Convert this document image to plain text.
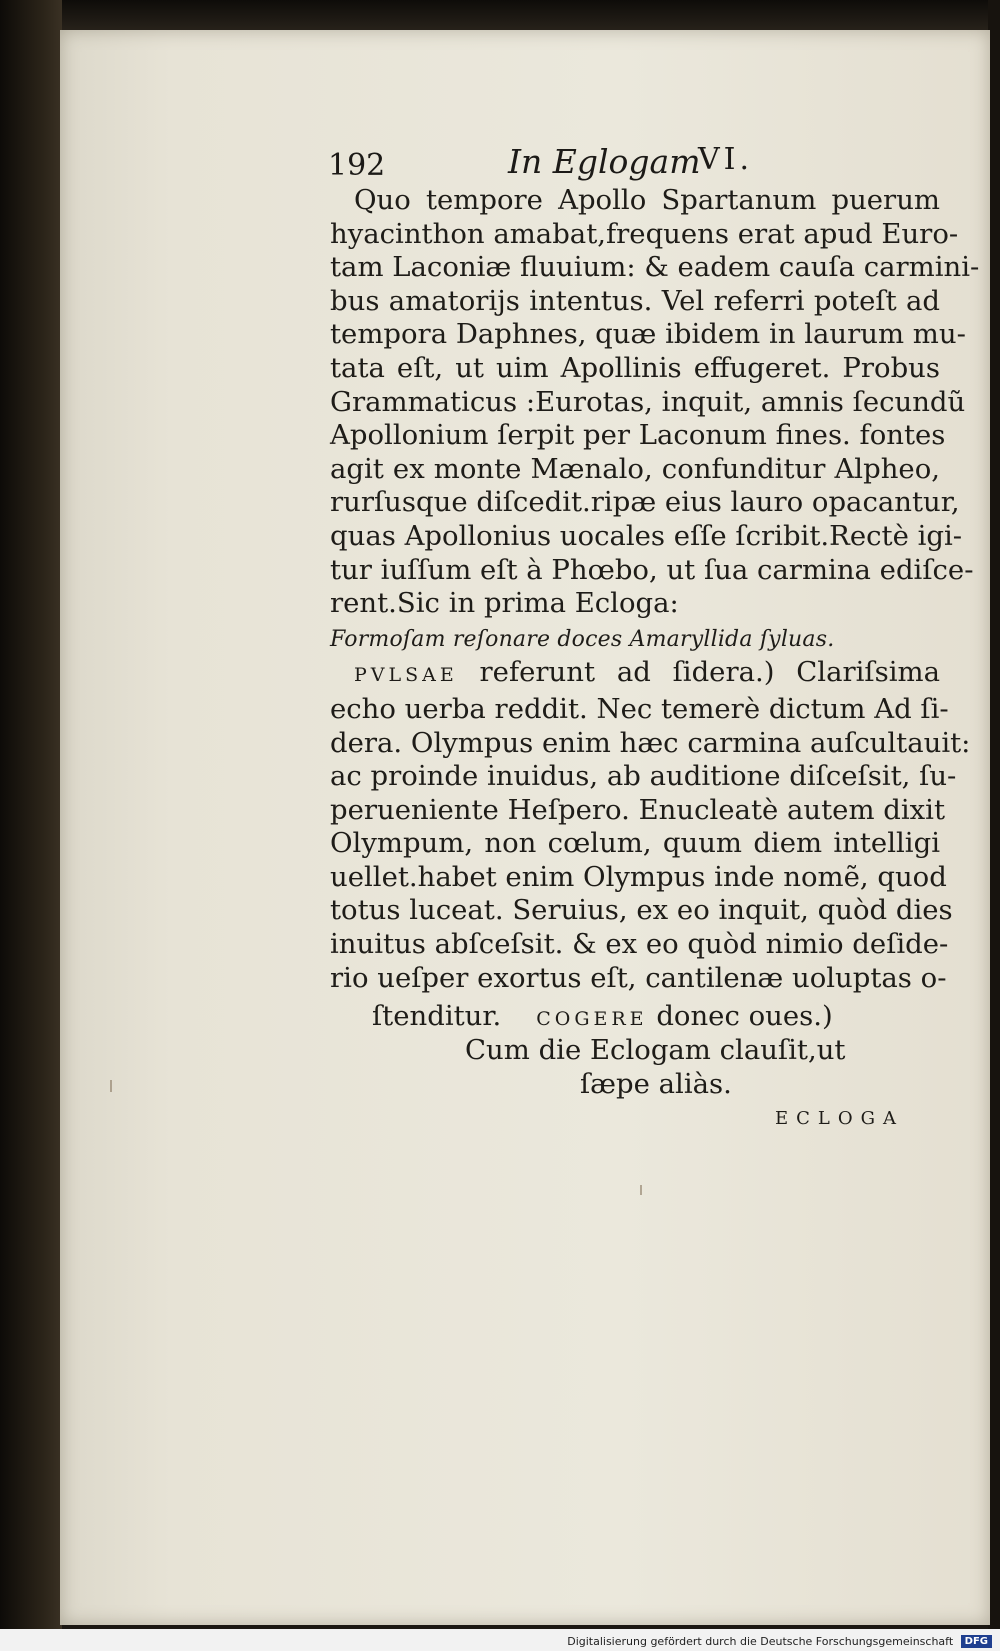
192	In Eglogam
VI.
Quo tempore Apollo Spartanum puerum
hyacinthon amabat,frequens erat apud Euro-
tam Laconiæ fluuium: & eadem cauſa carmini-
bus amatorijs intentus. Vel referri poteſt ad
tempora Daphnes, quæ ibidem in laurum mu-
tata eſt, ut uim Apollinis effugeret. Probus
Grammaticus :Eurotas, inquit, amnis ſecundũ
Apollonium ſerpit per Laconum fines. fontes
agit ex monte Mænalo, confunditur Alpheo,
rurſusque diſcedit.ripæ eius lauro opacantur,
quas Apollonius uocales eſſe ſcribit.Rectè igi-
tur iuſſum eſt à Phœbo, ut ſua carmina ediſce-
rent.Sic in prima Ecloga:
Formoſam reſonare doces Amaryllida ſyluas.
PVLSAE referunt ad ſidera.) Clariſsima
echo uerba reddit. Nec temerè dictum Ad ſi-
dera. Olympus enim hæc carmina auſcultauit:
ac proinde inuidus, ab auditione diſceſsit, ſu-
perueniente Heſpero. Enucleatè autem dixit
Olympum, non cœlum, quum diem intelligi
uellet.habet enim Olympus inde nomẽ, quod
totus luceat. Seruius, ex eo inquit, quòd dies
inuitus abſceſsit. & ex eo quòd nimio deſide-
rio ueſper exortus eſt, cantilenæ uoluptas o-
ſtenditur. COGERE donec oues.)
Cum die Eclogam clauſit,ut
ſæpe aliàs.
ECLOGA
Digitalisierung gefördert durch die Deutsche Forschungsgemeinschaft DFG
